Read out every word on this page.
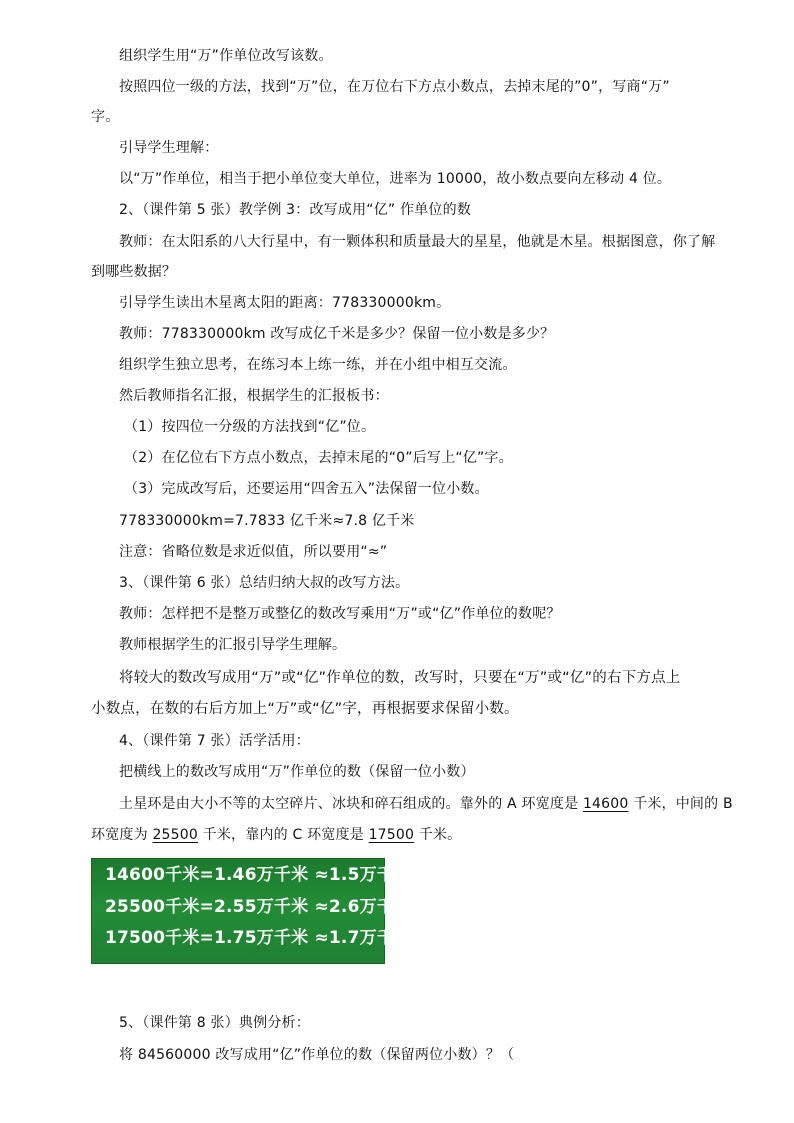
组织学生用“万”作单位改写该数。
按照四位一级的方法，找到“万”位，在万位右下方点小数点，去掉末尾的”0”，写商“万”
字。
引导学生理解：
以“万”作单位，相当于把小单位变大单位，进率为 10000，故小数点要向左移动 4 位。
2、（课件第 5 张）教学例 3：改写成用“亿” 作单位的数
教师：在太阳系的八大行星中，有一颗体积和质量最大的星星，他就是木星。根据图意，你了解
到哪些数据？
引导学生读出木星离太阳的距离：778330000km。
教师：778330000km 改写成亿千米是多少？保留一位小数是多少？
组织学生独立思考，在练习本上练一练，并在小组中相互交流。
然后教师指名汇报，根据学生的汇报板书：
（1）按四位一分级的方法找到“亿”位。
（2）在亿位右下方点小数点，去掉末尾的“0”后写上“亿”字。
（3）完成改写后，还要运用“四舍五入”法保留一位小数。
778330000km=7.7833 亿千米≈7.8 亿千米
注意：省略位数是求近似值，所以要用“≈”
3、（课件第 6 张）总结归纳大叔的改写方法。
教师：怎样把不是整万或整亿的数改写乘用“万”或“亿”作单位的数呢？
教师根据学生的汇报引导学生理解。
将较大的数改写成用“万”或“亿”作单位的数，改写时，只要在“万”或“亿”的右下方点上
小数点，在数的右后方加上“万”或“亿”字，再根据要求保留小数。
4、（课件第 7 张）活学活用：
把横线上的数改写成用“万”作单位的数（保留一位小数）
土星环是由大小不等的太空碎片、冰块和碎石组成的。靠外的 A 环宽度是 14600 千米，中间的 B
环宽度为 25500 千米，靠内的 C 环宽度是 17500 千米。
14600千米=1.46万千米 ≈1.5万千米
25500千米=2.55万千米 ≈2.6万千米
17500千米=1.75万千米 ≈1.7万千米
5、（课件第 8 张）典例分析：
将 84560000 改写成用“亿”作单位的数（保留两位小数）？（
